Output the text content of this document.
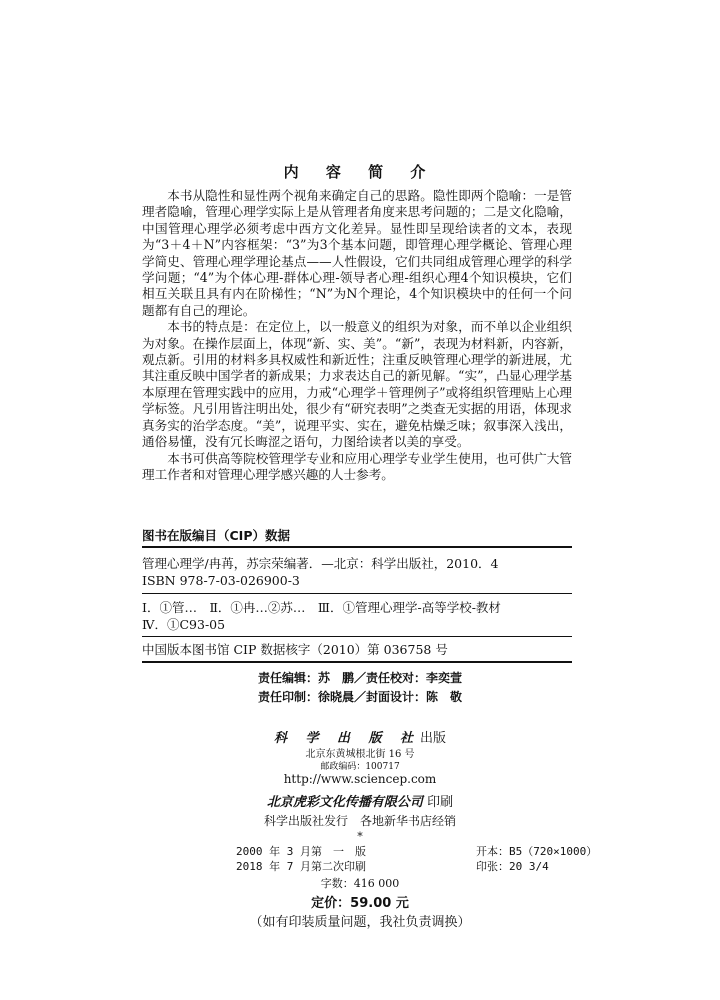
内 容 简 介

本书从隐性和显性两个视角来确定自己的思路。隐性即两个隐喻：一是管理者隐喻，管理心理学实际上是从管理者角度来思考问题的；二是文化隐喻，中国管理心理学必须考虑中西方文化差异。显性即呈现给读者的文本，表现为“3＋4＋N”内容框架：“3”为3个基本问题，即管理心理学概论、管理心理学简史、管理心理学理论基点——人性假设，它们共同组成管理心理学的科学学问题；“4”为个体心理-群体心理-领导者心理-组织心理4个知识模块，它们相互关联且具有内在阶梯性；“N”为N个理论，4个知识模块中的任何一个问题都有自己的理论。

本书的特点是：在定位上，以一般意义的组织为对象，而不单以企业组织为对象。在操作层面上，体现“新、实、美”。“新”，表现为材料新，内容新，观点新。引用的材料多具权威性和新近性；注重反映管理心理学的新进展，尤其注重反映中国学者的新成果；力求表达自己的新见解。“实”，凸显心理学基本原理在管理实践中的应用，力戒“心理学＋管理例子”或将组织管理贴上心理学标签。凡引用皆注明出处，很少有“研究表明”之类查无实据的用语，体现求真务实的治学态度。“美”，说理平实、实在，避免枯燥乏味；叙事深入浅出，通俗易懂，没有冗长晦涩之语句，力图给读者以美的享受。

本书可供高等院校管理学专业和应用心理学专业学生使用，也可供广大管理工作者和对管理心理学感兴趣的人士参考。

图书在版编目（CIP）数据
管理心理学/冉苒，苏宗荣编著．—北京：科学出版社，2010．4
ISBN 978-7-03-026900-3
Ⅰ．①管…　Ⅱ．①冉…②苏…　Ⅲ．①管理心理学-高等学校-教材
Ⅳ．①C93-05
中国版本图书馆 CIP 数据核字（2010）第 036758 号
责任编辑：苏　鹏／责任校对：李奕萱
责任印制：徐晓晨／封面设计：陈　敬
科 学 出 版 社出版
北京东黄城根北街 16 号
邮政编码：100717
http://www.sciencep.com
北京虎彩文化传播有限公司 印刷
科学出版社发行　各地新华书店经销
*
2000 年 3 月第　一　版	开本：B5（720×1000）
2018 年 7 月第二次印刷	印张：20 3/4
字数：416 000
定价：59.00 元
（如有印装质量问题，我社负责调换）
